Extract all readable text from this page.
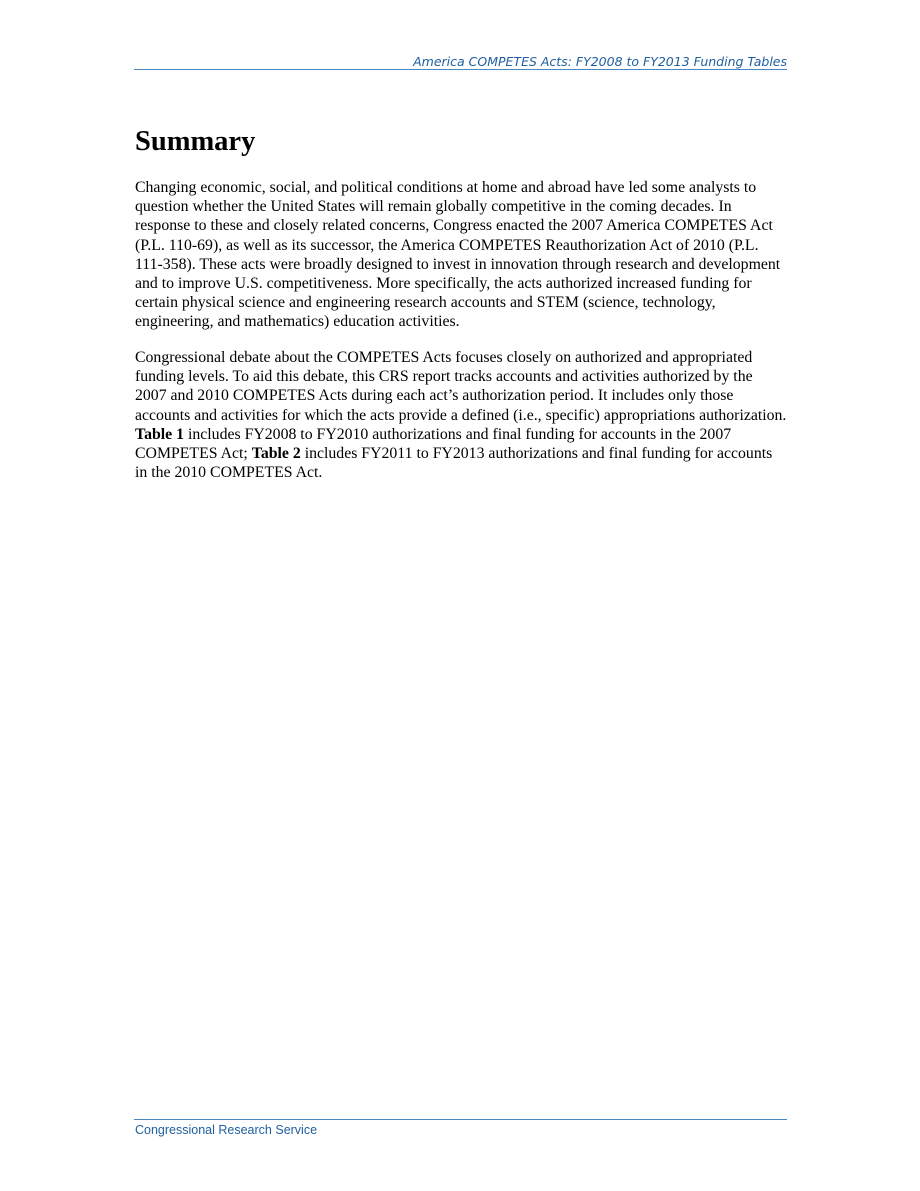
America COMPETES Acts: FY2008 to FY2013 Funding Tables
Summary

Changing economic, social, and political conditions at home and abroad have led some analysts to question whether the United States will remain globally competitive in the coming decades. In response to these and closely related concerns, Congress enacted the 2007 America COMPETES Act (P.L. 110-69), as well as its successor, the America COMPETES Reauthorization Act of 2010 (P.L. 111-358). These acts were broadly designed to invest in innovation through research and development and to improve U.S. competitiveness. More specifically, the acts authorized increased funding for certain physical science and engineering research accounts and STEM (science, technology, engineering, and mathematics) education activities.

Congressional debate about the COMPETES Acts focuses closely on authorized and appropriated funding levels. To aid this debate, this CRS report tracks accounts and activities authorized by the 2007 and 2010 COMPETES Acts during each act’s authorization period. It includes only those accounts and activities for which the acts provide a defined (i.e., specific) appropriations authorization. Table 1 includes FY2008 to FY2010 authorizations and final funding for accounts in the 2007 COMPETES Act; Table 2 includes FY2011 to FY2013 authorizations and final funding for accounts in the 2010 COMPETES Act.

Congressional Research Service
